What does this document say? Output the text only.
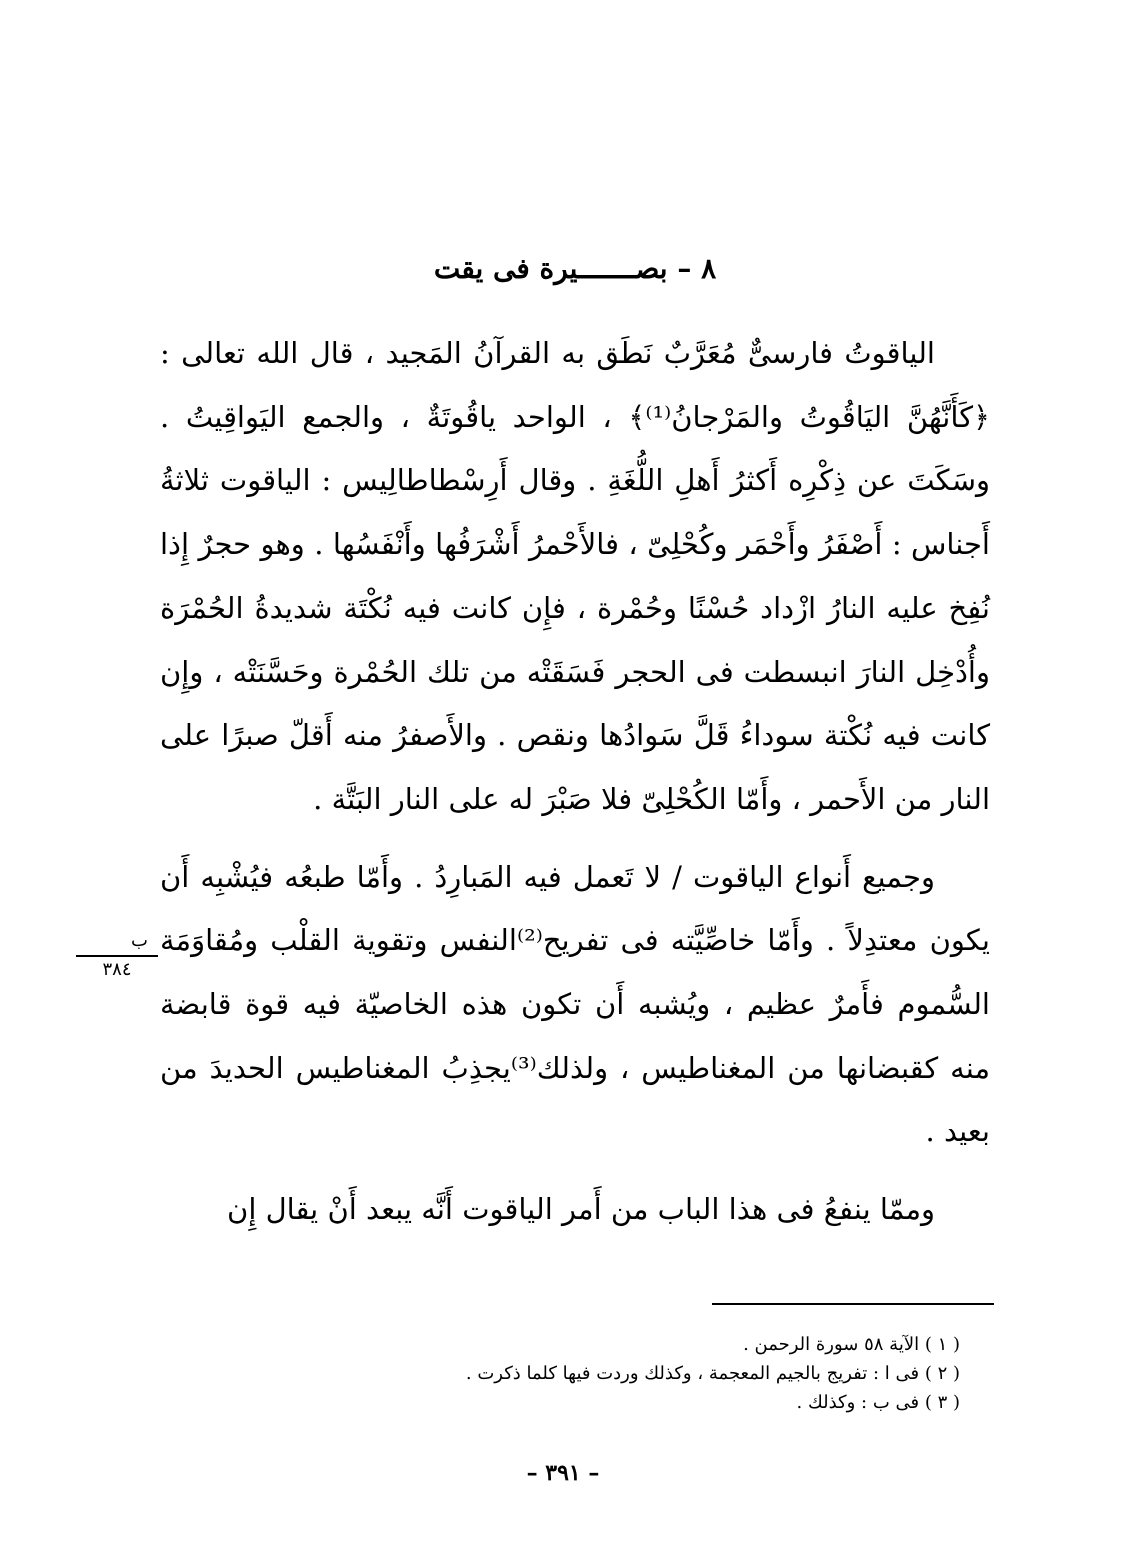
٨ – بصـــــــيرة فى يقت

الياقوتُ فارسىٌّ مُعَرَّبٌ نَطَق به القرآنُ المَجيد ، قال الله تعالى : ﴿كَأَنَّهُنَّ اليَاقُوتُ والمَرْجانُ⁽¹⁾﴾ ، الواحد ياقُوتَةٌ ، والجمع اليَواقِيتُ . وسَكَتَ عن ذِكْرِه أَكثرُ أَهلِ اللُّغَةِ . وقال أَرِسْطاطالِيس : الياقوت ثلاثةُ أَجناس : أَصْفَرُ وأَحْمَر وكُحْلِىّ ، فالأَحْمرُ أَشْرَفُها وأَنْفَسُها . وهو حجرٌ إِذا نُفِخ عليه النارُ ازْداد حُسْنًا وحُمْرة ، فإِن كانت فيه نُكْتَة شديدةُ الحُمْرَة وأُدْخِل النارَ انبسطت فى الحجر فَسَقَتْه من تلك الحُمْرة وحَسَّنَتْه ، وإِن كانت فيه نُكْتة سوداءُ قَلَّ سَوادُها ونقص . والأَصفرُ منه أَقلّ صبرًا على النار من الأَحمر ، وأَمّا الكُحْلِىّ فلا صَبْرَ له على النار البَتَّة .

وجميع أَنواع الياقوت / لا تَعمل فيه المَبارِدُ . وأَمّا طبعُه فيُشْبِه أَن يكون معتدِلاً . وأَمّا خاصِّيَّته فى تفريح⁽²⁾النفس وتقوية القلْب ومُقاوَمَة السُّموم فأَمرٌ عظيم ، ويُشبه أَن تكون هذه الخاصيّة فيه قوة قابضة منه كقبضانها من المغناطيس ، ولذلك⁽³⁾يجذِبُ المغناطيس الحديدَ من بعيد .

وممّا ينفعُ فى هذا الباب من أَمر الياقوت أَنَّه يبعد أَنْ يقال إِن

ب
٣٨٤
( ١ ) الآية ٥٨ سورة الرحمن .
( ٢ ) فى ا : تفريج بالجيم المعجمة ، وكذلك وردت فيها كلما ذكرت .
( ٣ ) فى ب : وكذلك .
– ٣٩١ –
